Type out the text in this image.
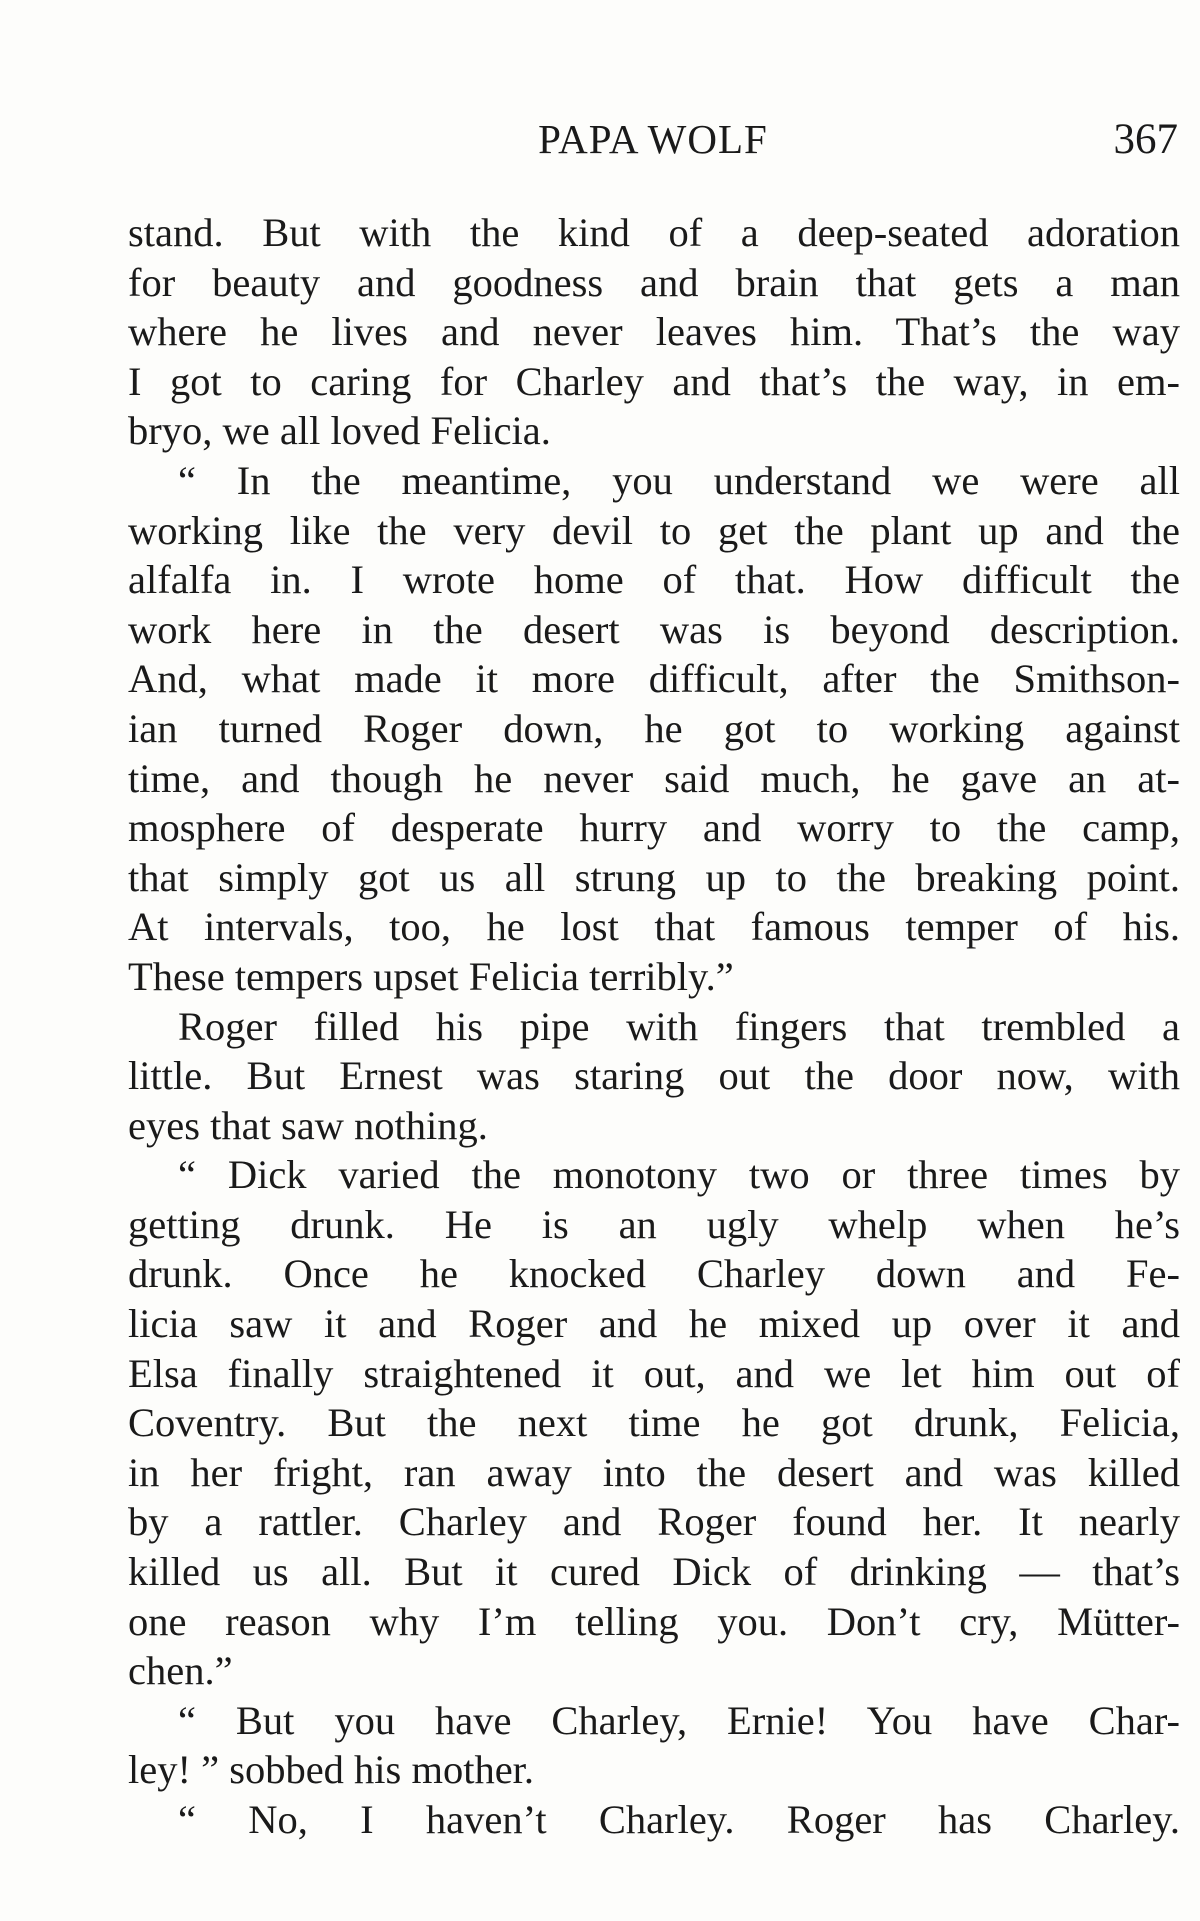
PAPA WOLF	367
stand. But with the kind of a deep-seated adoration
for beauty and goodness and brain that gets a man
where he lives and never leaves him. That’s the way
I got to caring for Charley and that’s the way, in em-
bryo, we all loved Felicia.
“ In the meantime, you understand we were all
working like the very devil to get the plant up and the
alfalfa in. I wrote home of that. How difficult the
work here in the desert was is beyond description.
And, what made it more difficult, after the Smithson-
ian turned Roger down, he got to working against
time, and though he never said much, he gave an at-
mosphere of desperate hurry and worry to the camp,
that simply got us all strung up to the breaking point.
At intervals, too, he lost that famous temper of his.
These tempers upset Felicia terribly.”
Roger filled his pipe with fingers that trembled a
little. But Ernest was staring out the door now, with
eyes that saw nothing.
“ Dick varied the monotony two or three times by
getting drunk. He is an ugly whelp when he’s
drunk. Once he knocked Charley down and Fe-
licia saw it and Roger and he mixed up over it and
Elsa finally straightened it out, and we let him out of
Coventry. But the next time he got drunk, Felicia,
in her fright, ran away into the desert and was killed
by a rattler. Charley and Roger found her. It nearly
killed us all. But it cured Dick of drinking — that’s
one reason why I’m telling you. Don’t cry, Mütter-
chen.”
“ But you have Charley, Ernie! You have Char-
ley! ” sobbed his mother.
“ No, I haven’t Charley. Roger has Charley.
